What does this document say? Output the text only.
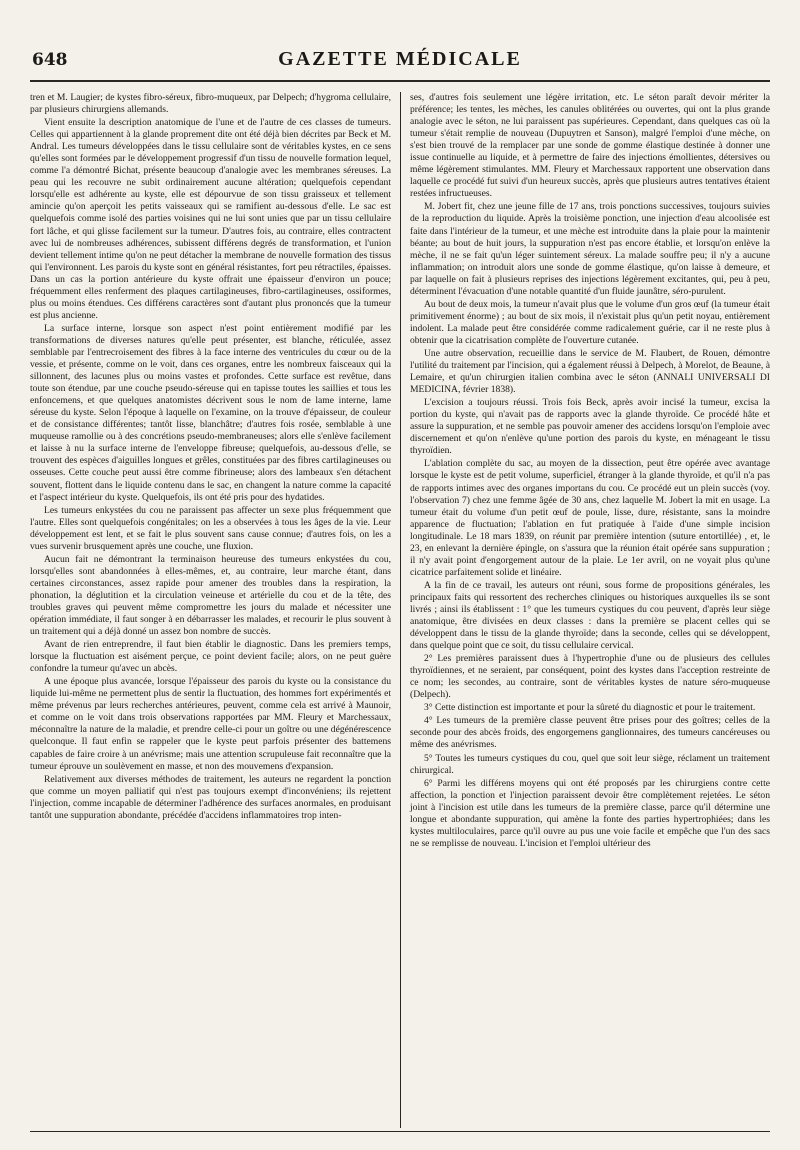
648	GAZETTE MÉDICALE

tren et M. Laugier; de kystes fibro-séreux, fibro-muqueux, par Delpech; d'hygroma cellulaire, par plusieurs chirurgiens allemands.

Vient ensuite la description anatomique de l'une et de l'autre de ces classes de tumeurs. Celles qui appartiennent à la glande proprement dite ont été déjà bien décrites par Beck et M. Andral. Les tumeurs développées dans le tissu cellulaire sont de véritables kystes, en ce sens qu'elles sont formées par le développement progressif d'un tissu de nouvelle formation lequel, comme l'a démontré Bichat, présente beaucoup d'analogie avec les membranes séreuses. La peau qui les recouvre ne subit ordinairement aucune altération; quelquefois cependant lorsqu'elle est adhérente au kyste, elle est dépourvue de son tissu graisseux et tellement amincie qu'on aperçoit les petits vaisseaux qui se ramifient au-dessous d'elle. Le sac est quelquefois comme isolé des parties voisines qui ne lui sont unies que par un tissu cellulaire fort lâche, et qui glisse facilement sur la tumeur. D'autres fois, au contraire, elles contractent avec lui de nombreuses adhérences, subissent différens degrés de transformation, et l'union devient tellement intime qu'on ne peut détacher la membrane de nouvelle formation des tissus qui l'environnent. Les parois du kyste sont en général résistantes, fort peu rétractiles, épaisses. Dans un cas la portion antérieure du kyste offrait une épaisseur d'environ un pouce; fréquemment elles renferment des plaques cartilagineuses, fibro-cartilagineuses, ossiformes, plus ou moins étendues. Ces différens caractères sont d'autant plus prononcés que la tumeur est plus ancienne.

La surface interne, lorsque son aspect n'est point entièrement modifié par les transformations de diverses natures qu'elle peut présenter, est blanche, réticulée, assez semblable par l'entrecroisement des fibres à la face interne des ventricules du cœur ou de la vessie, et présente, comme on le voit, dans ces organes, entre les nombreux faisceaux qui la sillonnent, des lacunes plus ou moins vastes et profondes. Cette surface est revêtue, dans toute son étendue, par une couche pseudo-séreuse qui en tapisse toutes les saillies et tous les enfoncemens, et que quelques anatomistes décrivent sous le nom de lame interne, lame séreuse du kyste. Selon l'époque à laquelle on l'examine, on la trouve d'épaisseur, de couleur et de consistance différentes; tantôt lisse, blanchâtre; d'autres fois rosée, semblable à une muqueuse ramollie ou à des concrétions pseudo-membraneuses; alors elle s'enlève facilement et laisse à nu la surface interne de l'enveloppe fibreuse; quelquefois, au-dessous d'elle, se trouvent des espèces d'aiguilles longues et grêles, constituées par des fibres cartilagineuses ou osseuses. Cette couche peut aussi être comme fibrineuse; alors des lambeaux s'en détachent souvent, flottent dans le liquide contenu dans le sac, en changent la nature comme la capacité et l'aspect intérieur du kyste. Quelquefois, ils ont été pris pour des hydatides.

Les tumeurs enkystées du cou ne paraissent pas affecter un sexe plus fréquemment que l'autre. Elles sont quelquefois congénitales; on les a observées à tous les âges de la vie. Leur développement est lent, et se fait le plus souvent sans cause connue; d'autres fois, on les a vues survenir brusquement après une couche, une fluxion.

Aucun fait ne démontrant la terminaison heureuse des tumeurs enkystées du cou, lorsqu'elles sont abandonnées à elles-mêmes, et, au contraire, leur marche étant, dans certaines circonstances, assez rapide pour amener des troubles dans la respiration, la phonation, la déglutition et la circulation veineuse et artérielle du cou et de la tête, des troubles graves qui peuvent même compromettre les jours du malade et nécessiter une opération immédiate, il faut songer à en débarrasser les malades, et recourir le plus souvent à un traitement qui a déjà donné un assez bon nombre de succès.

Avant de rien entreprendre, il faut bien établir le diagnostic. Dans les premiers temps, lorsque la fluctuation est aisément perçue, ce point devient facile; alors, on ne peut guère confondre la tumeur qu'avec un abcès.

A une époque plus avancée, lorsque l'épaisseur des parois du kyste ou la consistance du liquide lui-même ne permettent plus de sentir la fluctuation, des hommes fort expérimentés et même prévenus par leurs recherches antérieures, peuvent, comme cela est arrivé à Maunoir, et comme on le voit dans trois observations rapportées par MM. Fleury et Marchessaux, méconnaître la nature de la maladie, et prendre celle-ci pour un goître ou une dégénérescence quelconque. Il faut enfin se rappeler que le kyste peut parfois présenter des battemens capables de faire croire à un anévrisme; mais une attention scrupuleuse fait reconnaître que la tumeur éprouve un soulèvement en masse, et non des mouvemens d'expansion.

Relativement aux diverses méthodes de traitement, les auteurs ne regardent la ponction que comme un moyen palliatif qui n'est pas toujours exempt d'inconvéniens; ils rejettent l'injection, comme incapable de déterminer l'adhérence des surfaces anormales, en produisant tantôt une suppuration abondante, précédée d'accidens inflammatoires trop inten-

ses, d'autres fois seulement une légère irritation, etc. Le séton paraît devoir mériter la préférence; les tentes, les mèches, les canules oblitérées ou ouvertes, qui ont la plus grande analogie avec le séton, ne lui paraissent pas supérieures. Cependant, dans quelques cas où la tumeur s'était remplie de nouveau (Dupuytren et Sanson), malgré l'emploi d'une mèche, on s'est bien trouvé de la remplacer par une sonde de gomme élastique destinée à donner une issue continuelle au liquide, et à permettre de faire des injections émollientes, détersives ou même légèrement stimulantes. MM. Fleury et Marchessaux rapportent une observation dans laquelle ce procédé fut suivi d'un heureux succès, après que plusieurs autres tentatives étaient restées infructueuses.

M. Jobert fit, chez une jeune fille de 17 ans, trois ponctions successives, toujours suivies de la reproduction du liquide. Après la troisième ponction, une injection d'eau alcoolisée est faite dans l'intérieur de la tumeur, et une mèche est introduite dans la plaie pour la maintenir béante; au bout de huit jours, la suppuration n'est pas encore établie, et lorsqu'on enlève la mèche, il ne se fait qu'un léger suintement séreux. La malade souffre peu; il n'y a aucune inflammation; on introduit alors une sonde de gomme élastique, qu'on laisse à demeure, et par laquelle on fait à plusieurs reprises des injections légèrement excitantes, qui, peu à peu, déterminent l'évacuation d'une notable quantité d'un fluide jaunâtre, séro-purulent.

Au bout de deux mois, la tumeur n'avait plus que le volume d'un gros œuf (la tumeur était primitivement énorme) ; au bout de six mois, il n'existait plus qu'un petit noyau, entièrement indolent. La malade peut être considérée comme radicalement guérie, car il ne reste plus à obtenir que la cicatrisation complète de l'ouverture cutanée.

Une autre observation, recueillie dans le service de M. Flaubert, de Rouen, démontre l'utilité du traitement par l'incision, qui a également réussi à Delpech, à Morelot, de Beaune, à Lemaire, et qu'un chirurgien italien combina avec le séton (ANNALI UNIVERSALI DI MEDICINA, février 1838).

L'excision a toujours réussi. Trois fois Beck, après avoir incisé la tumeur, excisa la portion du kyste, qui n'avait pas de rapports avec la glande thyroïde. Ce procédé hâte et assure la suppuration, et ne semble pas pouvoir amener des accidens lorsqu'on l'emploie avec discernement et qu'on n'enlève qu'une portion des parois du kyste, en ménageant le tissu thyroïdien.

L'ablation complète du sac, au moyen de la dissection, peut être opérée avec avantage lorsque le kyste est de petit volume, superficiel, étranger à la glande thyroïde, et qu'il n'a pas de rapports intimes avec des organes importans du cou. Ce procédé eut un plein succès (voy. l'observation 7) chez une femme âgée de 30 ans, chez laquelle M. Jobert la mit en usage. La tumeur était du volume d'un petit œuf de poule, lisse, dure, résistante, sans la moindre apparence de fluctuation; l'ablation en fut pratiquée à l'aide d'une simple incision longitudinale. Le 18 mars 1839, on réunit par première intention (suture entortillée) , et, le 23, en enlevant la dernière épingle, on s'assura que la réunion était opérée sans suppuration ; il n'y avait point d'engorgement autour de la plaie. Le 1er avril, on ne voyait plus qu'une cicatrice parfaitement solide et linéaire.

A la fin de ce travail, les auteurs ont réuni, sous forme de propositions générales, les principaux faits qui ressortent des recherches cliniques ou historiques auxquelles ils se sont livrés ; ainsi ils établissent : 1° que les tumeurs cystiques du cou peuvent, d'après leur siège anatomique, être divisées en deux classes : dans la première se placent celles qui se développent dans le tissu de la glande thyroïde; dans la seconde, celles qui se développent, dans quelque point que ce soit, du tissu cellulaire cervical.

2° Les premières paraissent dues à l'hypertrophie d'une ou de plusieurs des cellules thyroïdiennes, et ne seraient, par conséquent, point des kystes dans l'acception restreinte de ce nom; les secondes, au contraire, sont de véritables kystes de nature séro-muqueuse (Delpech).

3° Cette distinction est importante et pour la sûreté du diagnostic et pour le traitement.

4° Les tumeurs de la première classe peuvent être prises pour des goîtres; celles de la seconde pour des abcès froids, des engorgemens ganglionnaires, des tumeurs cancéreuses ou même des anévrismes.

5° Toutes les tumeurs cystiques du cou, quel que soit leur siège, réclament un traitement chirurgical.

6° Parmi les différens moyens qui ont été proposés par les chirurgiens contre cette affection, la ponction et l'injection paraissent devoir être complètement rejetées. Le séton joint à l'incision est utile dans les tumeurs de la première classe, parce qu'il détermine une longue et abondante suppuration, qui amène la fonte des parties hypertrophiées; dans les kystes multiloculaires, parce qu'il ouvre au pus une voie facile et empêche que l'un des sacs ne se remplisse de nouveau. L'incision et l'emploi ultérieur des
